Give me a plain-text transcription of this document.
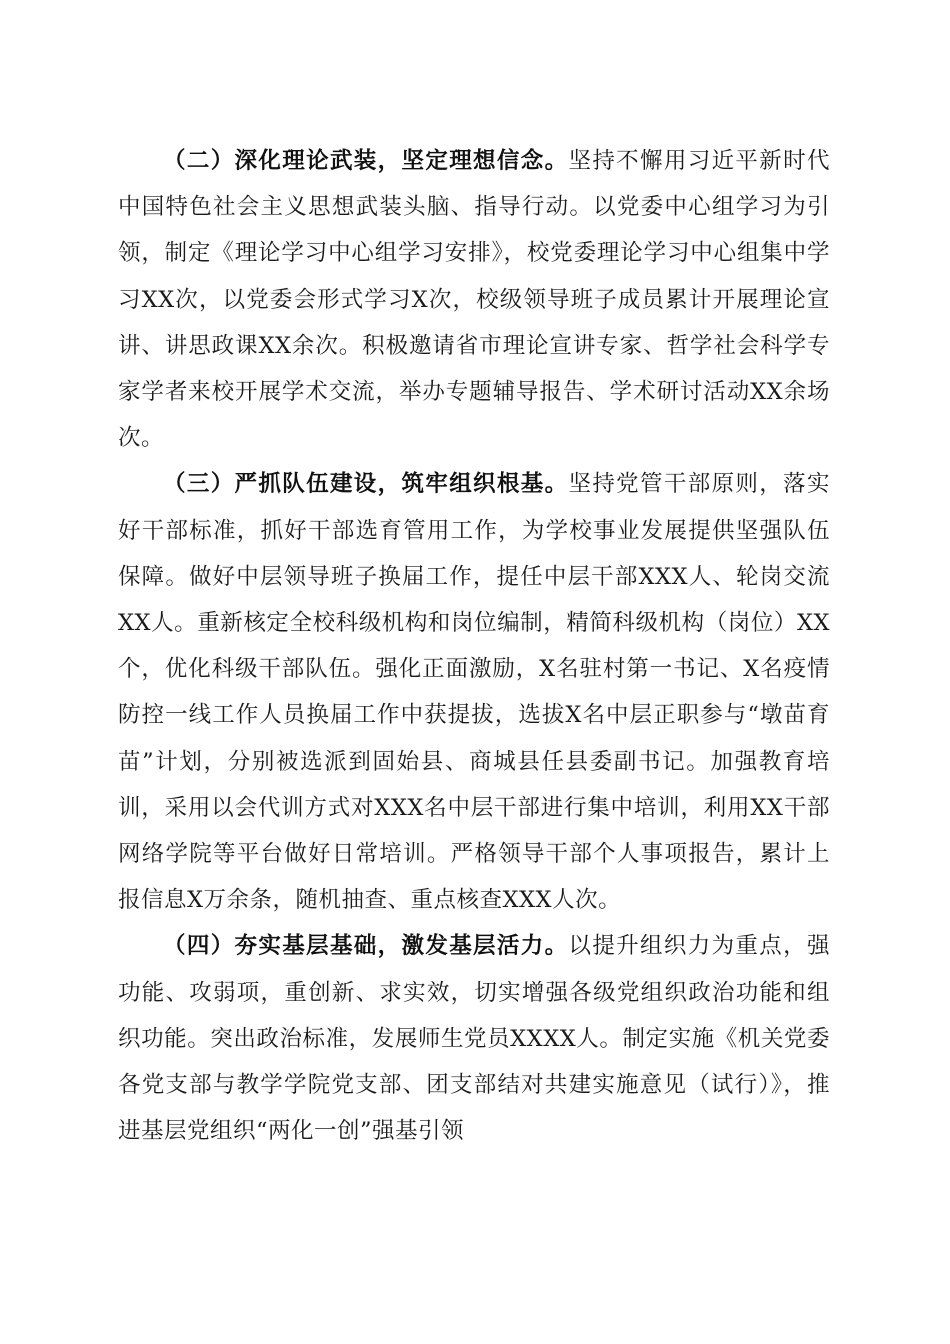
（二）深化理论武装，坚定理想信念。坚持不懈用习近平新时代中国特色社会主义思想武装头脑、指导行动。以党委中心组学习为引领，制定《理论学习中心组学习安排》，校党委理论学习中心组集中学习XX次，以党委会形式学习X次，校级领导班子成员累计开展理论宣讲、讲思政课XX余次。积极邀请省市理论宣讲专家、哲学社会科学专家学者来校开展学术交流，举办专题辅导报告、学术研讨活动XX余场次。

（三）严抓队伍建设，筑牢组织根基。坚持党管干部原则，落实好干部标准，抓好干部选育管用工作，为学校事业发展提供坚强队伍保障。做好中层领导班子换届工作，提任中层干部XXX人、轮岗交流XX人。重新核定全校科级机构和岗位编制，精简科级机构（岗位）XX个，优化科级干部队伍。强化正面激励，X名驻村第一书记、X名疫情防控一线工作人员换届工作中获提拔，选拔X名中层正职参与“墩苗育苗”计划，分别被选派到固始县、商城县任县委副书记。加强教育培训，采用以会代训方式对XXX名中层干部进行集中培训，利用XX干部网络学院等平台做好日常培训。严格领导干部个人事项报告，累计上报信息X万余条，随机抽查、重点核查XXX人次。

（四）夯实基层基础，激发基层活力。以提升组织力为重点，强功能、攻弱项，重创新、求实效，切实增强各级党组织政治功能和组织功能。突出政治标准，发展师生党员XXXX人。制定实施《机关党委各党支部与教学学院党支部、团支部结对共建实施意见（试行）》，推进基层党组织“两化一创”强基引领
